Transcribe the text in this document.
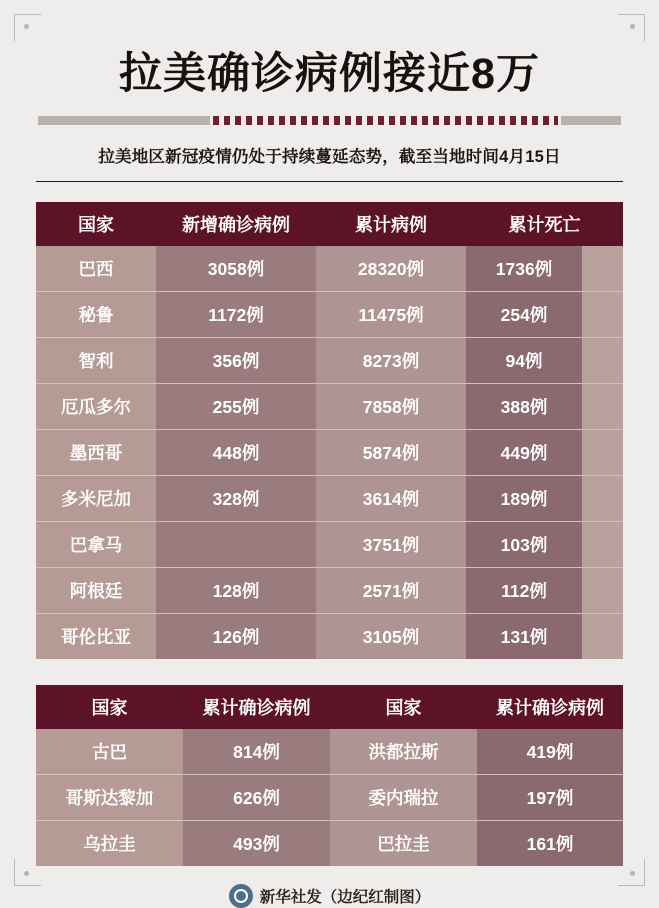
拉美确诊病例接近8万
拉美地区新冠疫情仍处于持续蔓延态势，截至当地时间4月15日
国家	新增确诊病例	累计病例	累计死亡	
巴西	3058例	28320例	1736例	
秘鲁	1172例	11475例	254例	
智利	356例	8273例	94例	
厄瓜多尔	255例	7858例	388例	
墨西哥	448例	5874例	449例	
多米尼加	328例	3614例	189例	
巴拿马		3751例	103例	
阿根廷	128例	2571例	112例	
哥伦比亚	126例	3105例	131例	
国家	累计确诊病例	国家	累计确诊病例
古巴	814例	洪都拉斯	419例
哥斯达黎加	626例	委内瑞拉	197例
乌拉圭	493例	巴拉圭	161例
新华社发（边纪红制图）
